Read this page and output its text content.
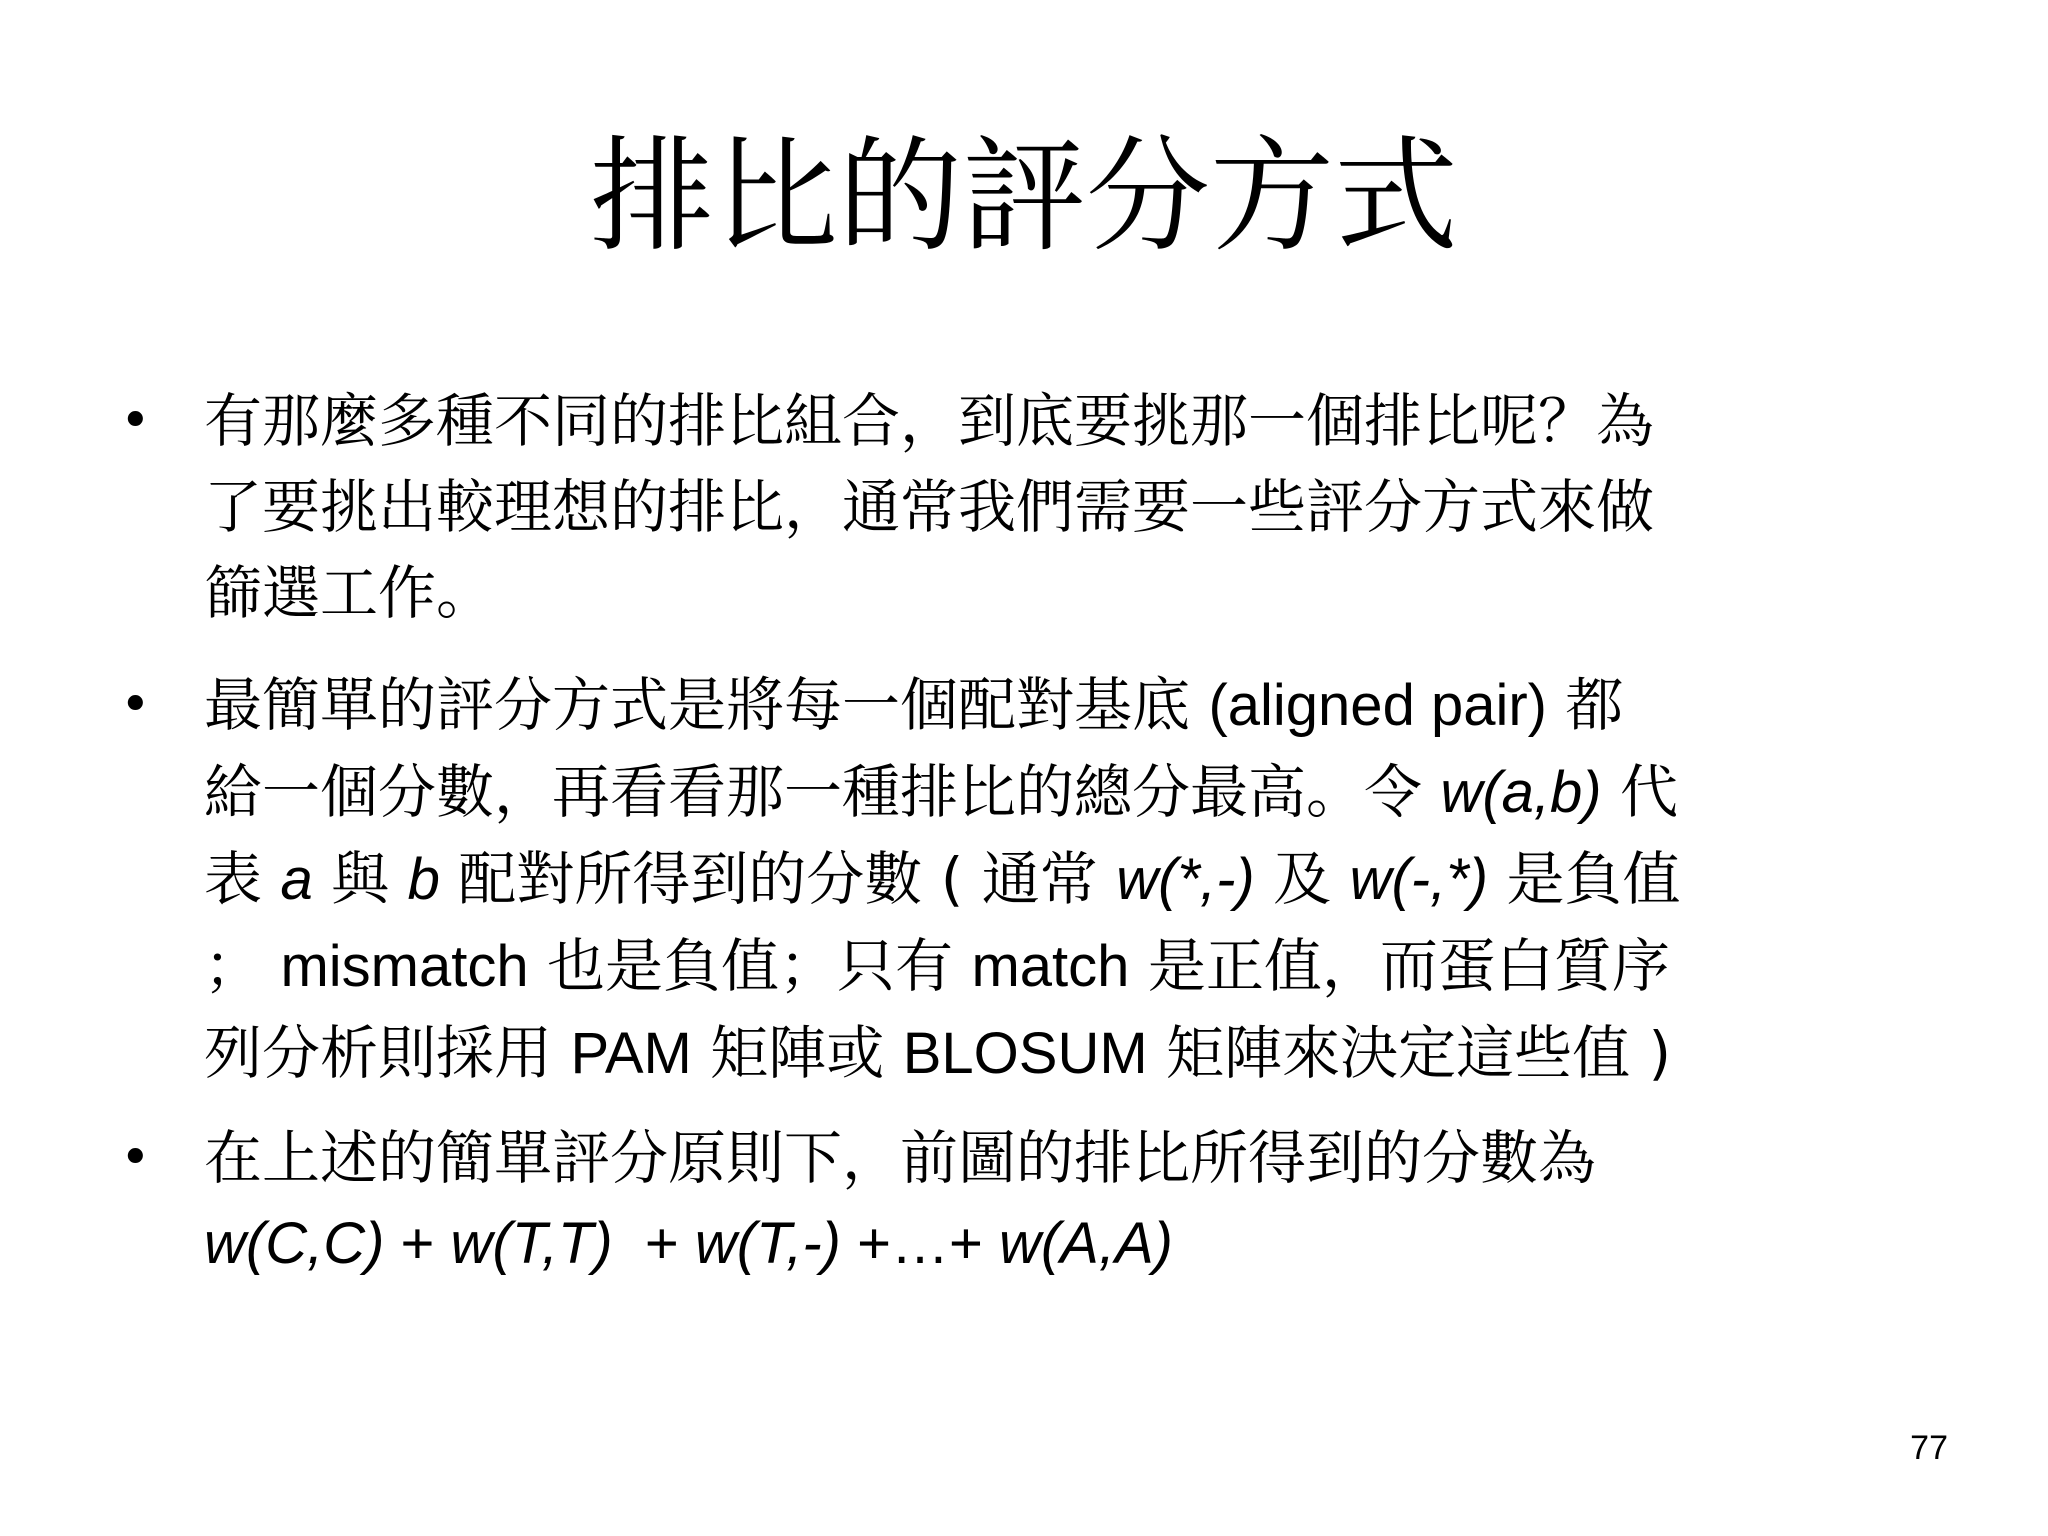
排比的評分方式
• 有那麼多種不同的排比組合，到底要挑那一個排比呢？為
了要挑出較理想的排比，通常我們需要一些評分方式來做
篩選工作。
• 最簡單的評分方式是將每一個配對基底 (aligned pair) 都
給一個分數，再看看那一種排比的總分最高。令 w(a,b) 代
表 a 與 b 配對所得到的分數 ( 通常 w(*,-) 及 w(-,*) 是負值
； mismatch 也是負值；只有 match 是正值，而蛋白質序
列分析則採用 PAM 矩陣或 BLOSUM 矩陣來決定這些值 )
• 在上述的簡單評分原則下，前圖的排比所得到的分數為
w(C,C) + w(T,T)  + w(T,-) +…+ w(A,A)
77
